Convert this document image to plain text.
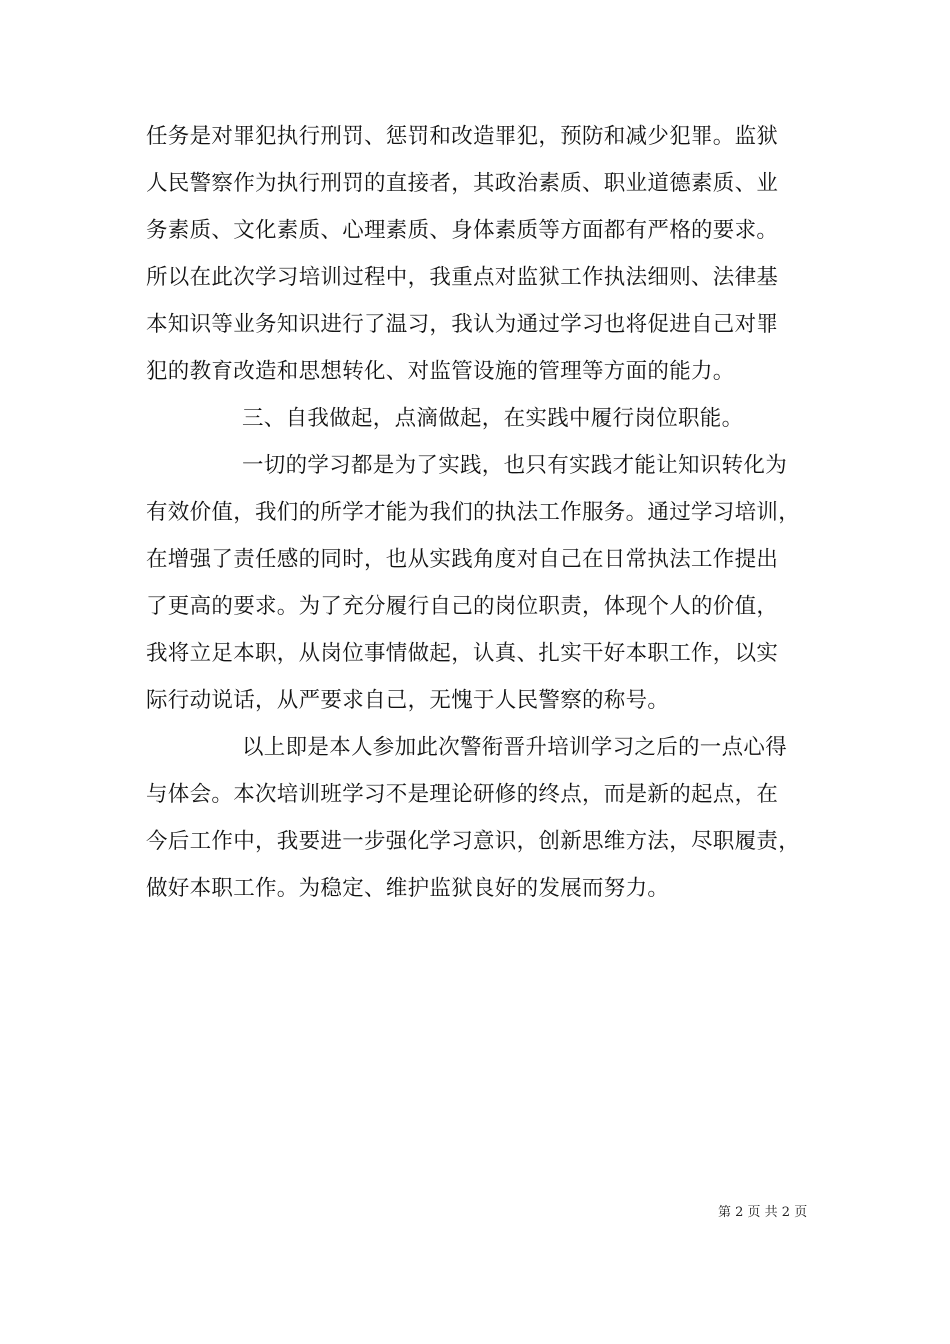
任务是对罪犯执行刑罚、惩罚和改造罪犯，预防和减少犯罪。监狱
人民警察作为执行刑罚的直接者，其政治素质、职业道德素质、业
务素质、文化素质、心理素质、身体素质等方面都有严格的要求。
所以在此次学习培训过程中，我重点对监狱工作执法细则、法律基
本知识等业务知识进行了温习，我认为通过学习也将促进自己对罪
犯的教育改造和思想转化、对监管设施的管理等方面的能力。
三、自我做起，点滴做起，在实践中履行岗位职能。
一切的学习都是为了实践，也只有实践才能让知识转化为
有效价值，我们的所学才能为我们的执法工作服务。通过学习培训，
在增强了责任感的同时，也从实践角度对自己在日常执法工作提出
了更高的要求。为了充分履行自己的岗位职责，体现个人的价值，
我将立足本职，从岗位事情做起，认真、扎实干好本职工作，以实
际行动说话，从严要求自己，无愧于人民警察的称号。
以上即是本人参加此次警衔晋升培训学习之后的一点心得
与体会。本次培训班学习不是理论研修的终点，而是新的起点，在
今后工作中，我要进一步强化学习意识，创新思维方法，尽职履责，
做好本职工作。为稳定、维护监狱良好的发展而努力。
第 2 页 共 2 页
